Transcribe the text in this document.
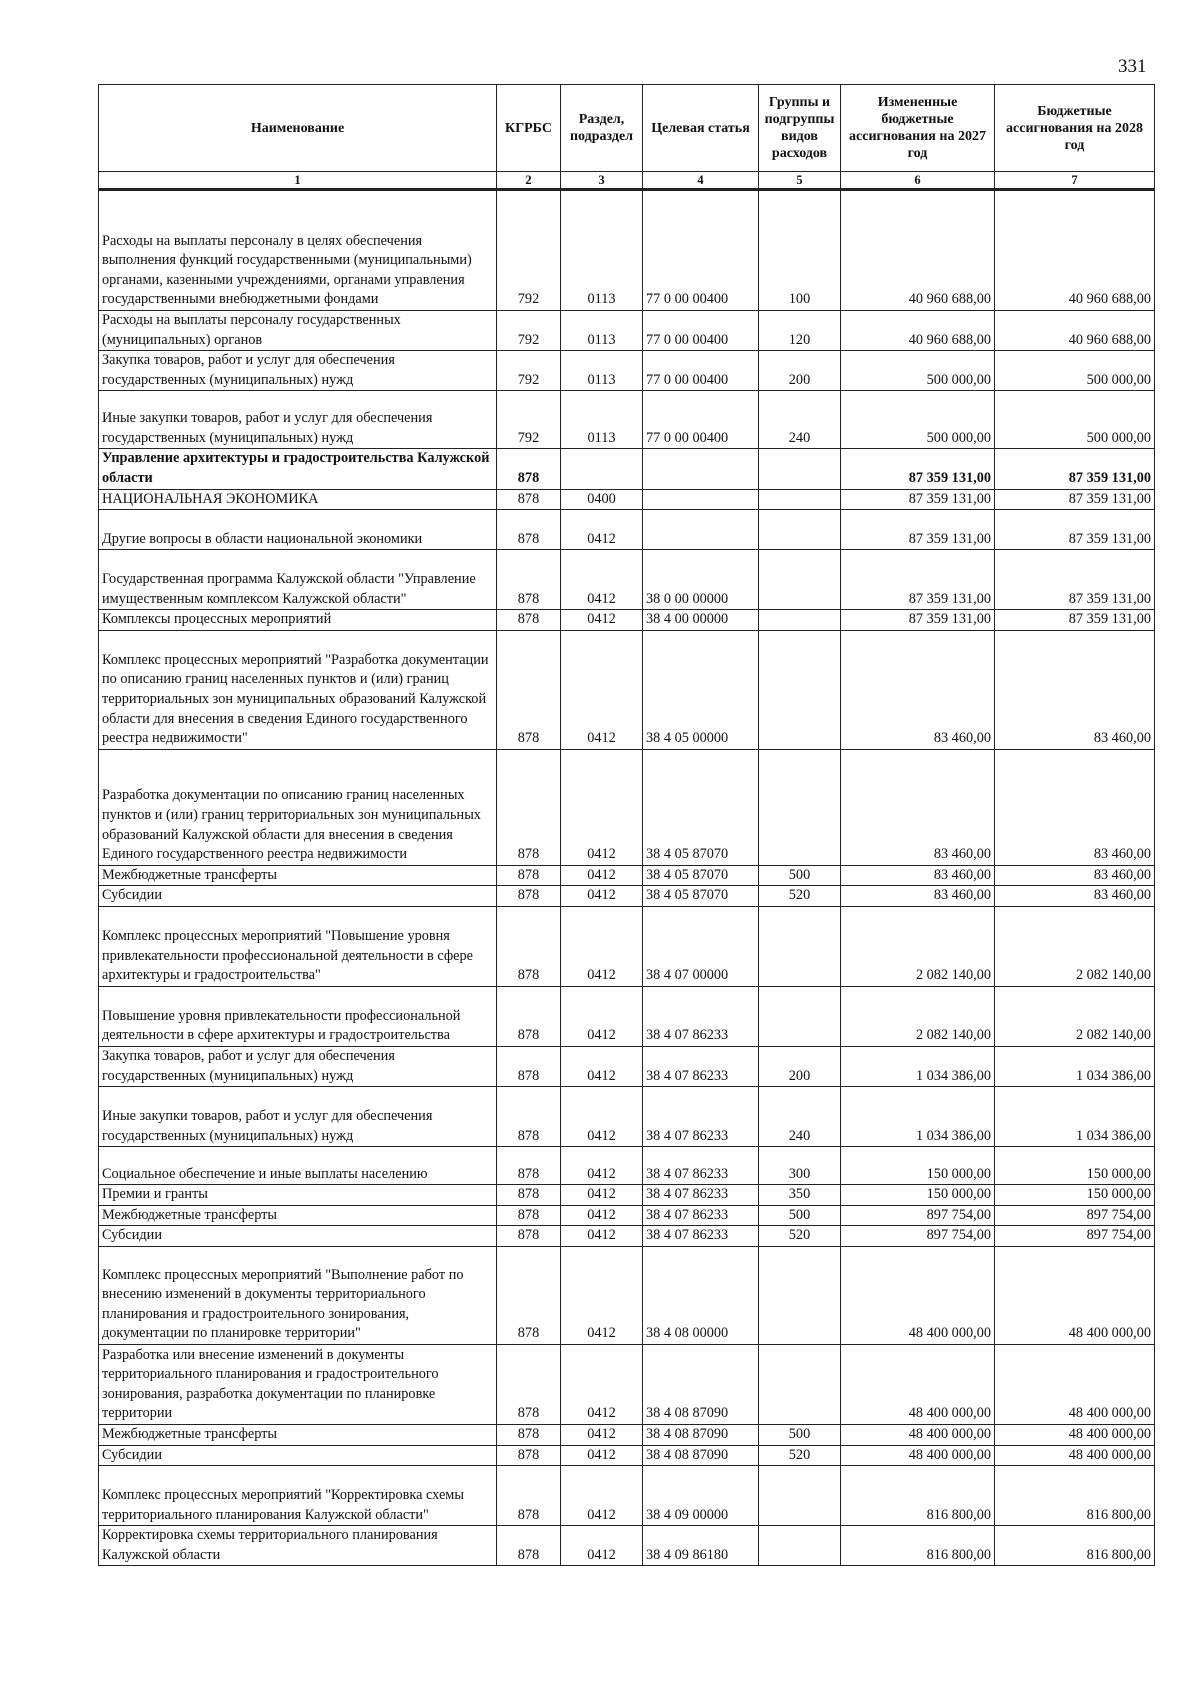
331
Наименование	КГРБС	Раздел, подраздел	Целевая статья	Группы и подгруппы видов расходов	Измененные бюджетные ассигнования на 2027 год	Бюджетные ассигнования на 2028 год
1	2	3	4	5	6	7
Расходы на выплаты персоналу в целях обеспечения выполнения функций государственными (муниципальными) органами, казенными учреждениями, органами управления государственными внебюджетными фондами	792	0113	77 0 00 00400	100	40 960 688,00	40 960 688,00
Расходы на выплаты персоналу государственных (муниципальных) органов	792	0113	77 0 00 00400	120	40 960 688,00	40 960 688,00
Закупка товаров, работ и услуг для обеспечения государственных (муниципальных) нужд	792	0113	77 0 00 00400	200	500 000,00	500 000,00
Иные закупки товаров, работ и услуг для обеспечения государственных (муниципальных) нужд	792	0113	77 0 00 00400	240	500 000,00	500 000,00
Управление архитектуры и градостроительства Калужской области	878				87 359 131,00	87 359 131,00
НАЦИОНАЛЬНАЯ ЭКОНОМИКА	878	0400			87 359 131,00	87 359 131,00
Другие вопросы в области национальной экономики	878	0412			87 359 131,00	87 359 131,00
Государственная программа Калужской области "Управление имущественным комплексом Калужской области"	878	0412	38 0 00 00000		87 359 131,00	87 359 131,00
Комплексы процессных мероприятий	878	0412	38 4 00 00000		87 359 131,00	87 359 131,00
Комплекс процессных мероприятий "Разработка документации по описанию границ населенных пунктов и (или) границ территориальных зон муниципальных образований Калужской области для внесения в сведения Единого государственного реестра недвижимости"	878	0412	38 4 05 00000		83 460,00	83 460,00
Разработка документации по описанию границ населенных пунктов и (или) границ территориальных зон муниципальных образований Калужской области для внесения в сведения Единого государственного реестра недвижимости	878	0412	38 4 05 87070		83 460,00	83 460,00
Межбюджетные трансферты	878	0412	38 4 05 87070	500	83 460,00	83 460,00
Субсидии	878	0412	38 4 05 87070	520	83 460,00	83 460,00
Комплекс процессных мероприятий "Повышение уровня привлекательности профессиональной деятельности в сфере архитектуры и градостроительства"	878	0412	38 4 07 00000		2 082 140,00	2 082 140,00
Повышение уровня привлекательности профессиональной деятельности в сфере архитектуры и градостроительства	878	0412	38 4 07 86233		2 082 140,00	2 082 140,00
Закупка товаров, работ и услуг для обеспечения государственных (муниципальных) нужд	878	0412	38 4 07 86233	200	1 034 386,00	1 034 386,00
Иные закупки товаров, работ и услуг для обеспечения государственных (муниципальных) нужд	878	0412	38 4 07 86233	240	1 034 386,00	1 034 386,00
Социальное обеспечение и иные выплаты населению	878	0412	38 4 07 86233	300	150 000,00	150 000,00
Премии и гранты	878	0412	38 4 07 86233	350	150 000,00	150 000,00
Межбюджетные трансферты	878	0412	38 4 07 86233	500	897 754,00	897 754,00
Субсидии	878	0412	38 4 07 86233	520	897 754,00	897 754,00
Комплекс процессных мероприятий "Выполнение работ по внесению изменений в документы территориального планирования и градостроительного зонирования, документации по планировке территории"	878	0412	38 4 08 00000		48 400 000,00	48 400 000,00
Разработка или внесение изменений в документы территориального планирования и градостроительного зонирования, разработка документации по планировке территории	878	0412	38 4 08 87090		48 400 000,00	48 400 000,00
Межбюджетные трансферты	878	0412	38 4 08 87090	500	48 400 000,00	48 400 000,00
Субсидии	878	0412	38 4 08 87090	520	48 400 000,00	48 400 000,00
Комплекс процессных мероприятий "Корректировка схемы территориального планирования Калужской области"	878	0412	38 4 09 00000		816 800,00	816 800,00
Корректировка схемы территориального планирования Калужской области	878	0412	38 4 09 86180		816 800,00	816 800,00
